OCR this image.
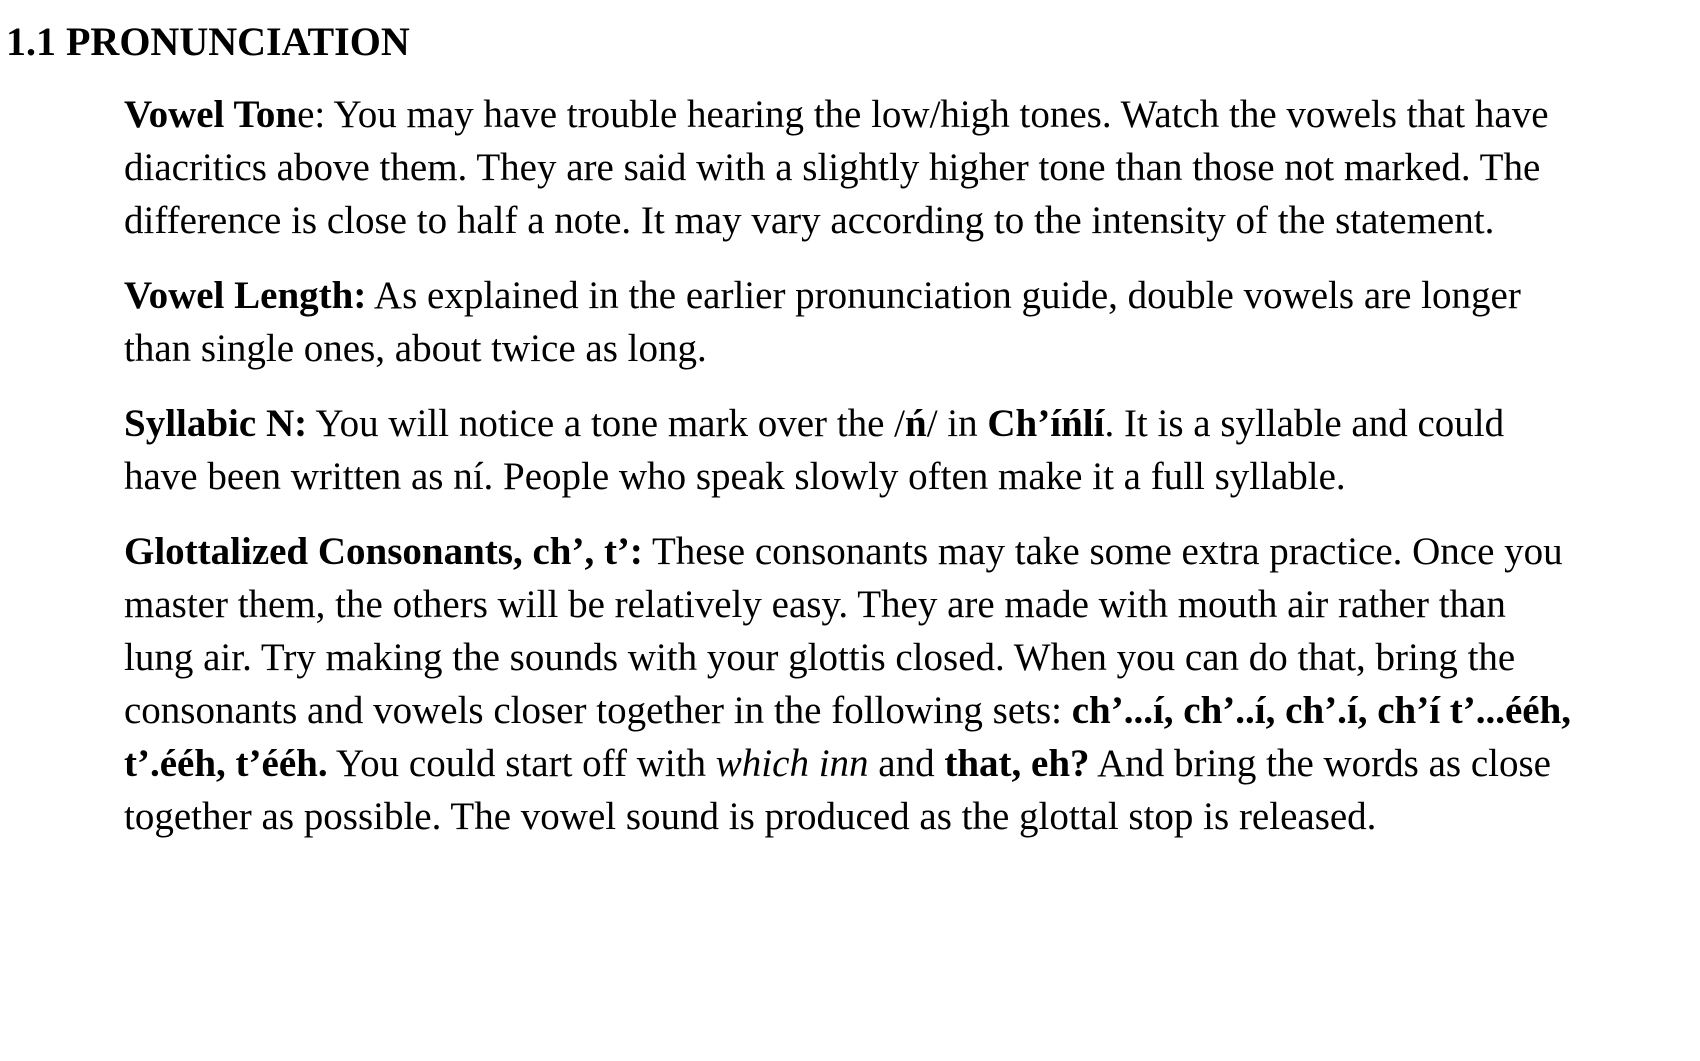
1.1 PRONUNCIATION

Vowel Tone: You may have trouble hearing the low/high tones. Watch the vowels that have diacritics above them. They are said with a slightly higher tone than those not marked. The difference is close to half a note. It may vary according to the intensity of the statement.

Vowel Length: As explained in the earlier pronunciation guide, double vowels are longer than single ones, about twice as long.

Syllabic N: You will notice a tone mark over the /ń/ in Ch’íńlí. It is a syllable and could have been written as ní. People who speak slowly often make it a full syllable.

Glottalized Consonants, ch’, t’: These consonants may take some extra practice. Once you master them, the others will be relatively easy. They are made with mouth air rather than lung air. Try making the sounds with your glottis closed. When you can do that, bring the consonants and vowels closer together in the following sets: ch’...í, ch’..í, ch’.í, ch’í t’...ééh, t’.ééh, t’ééh. You could start off with which inn and that, eh? And bring the words as close together as possible. The vowel sound is produced as the glottal stop is released.
